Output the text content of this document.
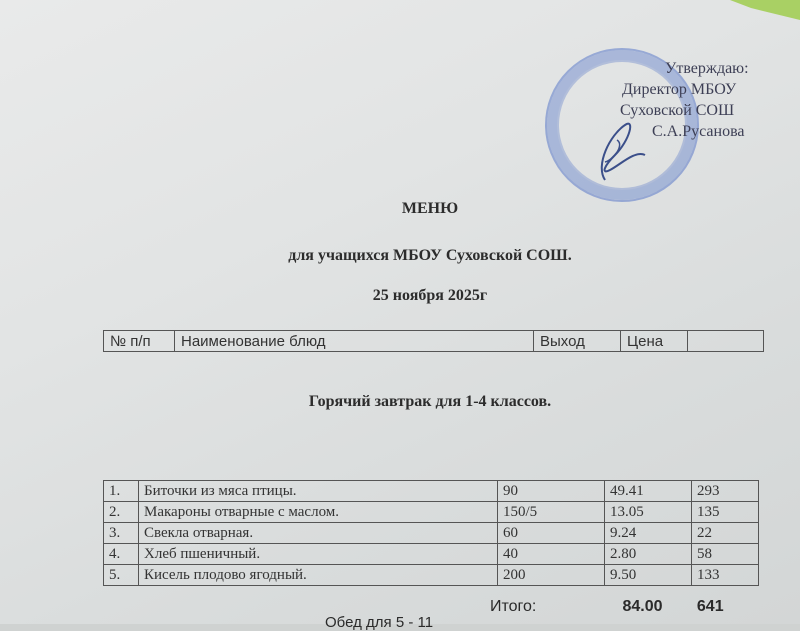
Утверждаю:
Директор МБОУ
Суховской СОШ
С.А.Русанова
МЕНЮ
для учащихся МБОУ Суховской СОШ.
25 ноября 2025г
№ п/п	Наименование блюд	Выход	Цена	
Горячий завтрак для 1-4 классов.
1.	Биточки из мяса птицы.	90	49.41	293
2.	Макароны отварные с маслом.	150/5	13.05	135
3.	Свекла отварная.	60	9.24	22
4.	Хлеб пшеничный.	40	2.80	58
5.	Кисель плодово ягодный.	200	9.50	133
Итого:	84.00 641
Обед для 5 - 11
